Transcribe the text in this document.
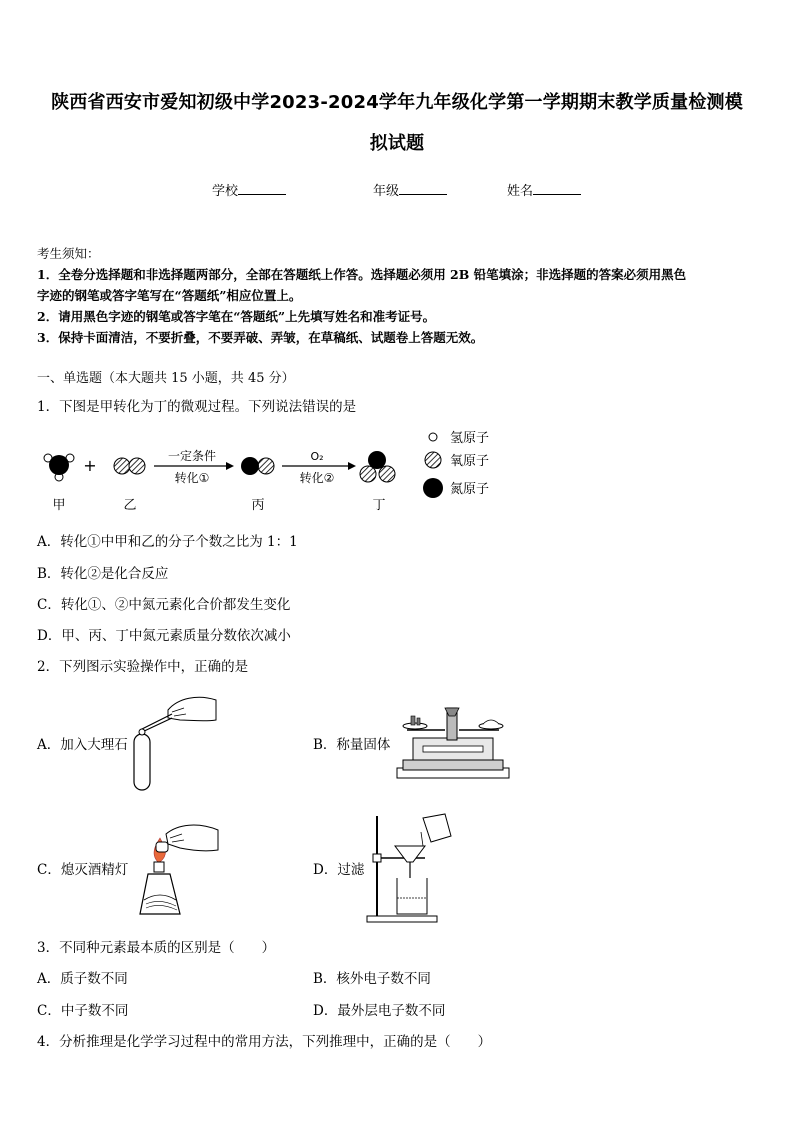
陕西省西安市爱知初级中学2023-2024学年九年级化学第一学期期末教学质量检测模
拟试题
学校	年级	姓名
考生须知：
1．全卷分选择题和非选择题两部分，全部在答题纸上作答。选择题必须用 2B 铅笔填涂；非选择题的答案必须用黑色
字迹的钢笔或答字笔写在“答题纸”相应位置上。
2．请用黑色字迹的钢笔或答字笔在“答题纸”上先填写姓名和准考证号。
3．保持卡面清洁，不要折叠，不要弄破、弄皱，在草稿纸、试题卷上答题无效。
一、单选题（本大题共 15 小题，共 45 分）
1．下图是甲转化为丁的微观过程。下列说法错误的是
+	一定条件
转化①
O₂
转化②
甲	乙	丙	丁
氢原子
氧原子
氮原子
A．转化①中甲和乙的分子个数之比为 1：1
B．转化②是化合反应
C．转化①、②中氮元素化合价都发生变化
D．甲、丙、丁中氮元素质量分数依次减小
2．下列图示实验操作中，正确的是
A．加入大理石	B．称量固体
C．熄灭酒精灯	D．过滤
3．不同种元素最本质的区别是（　　）
A．质子数不同	B．核外电子数不同
C．中子数不同	D．最外层电子数不同
4．分析推理是化学学习过程中的常用方法，下列推理中，正确的是（　　）
